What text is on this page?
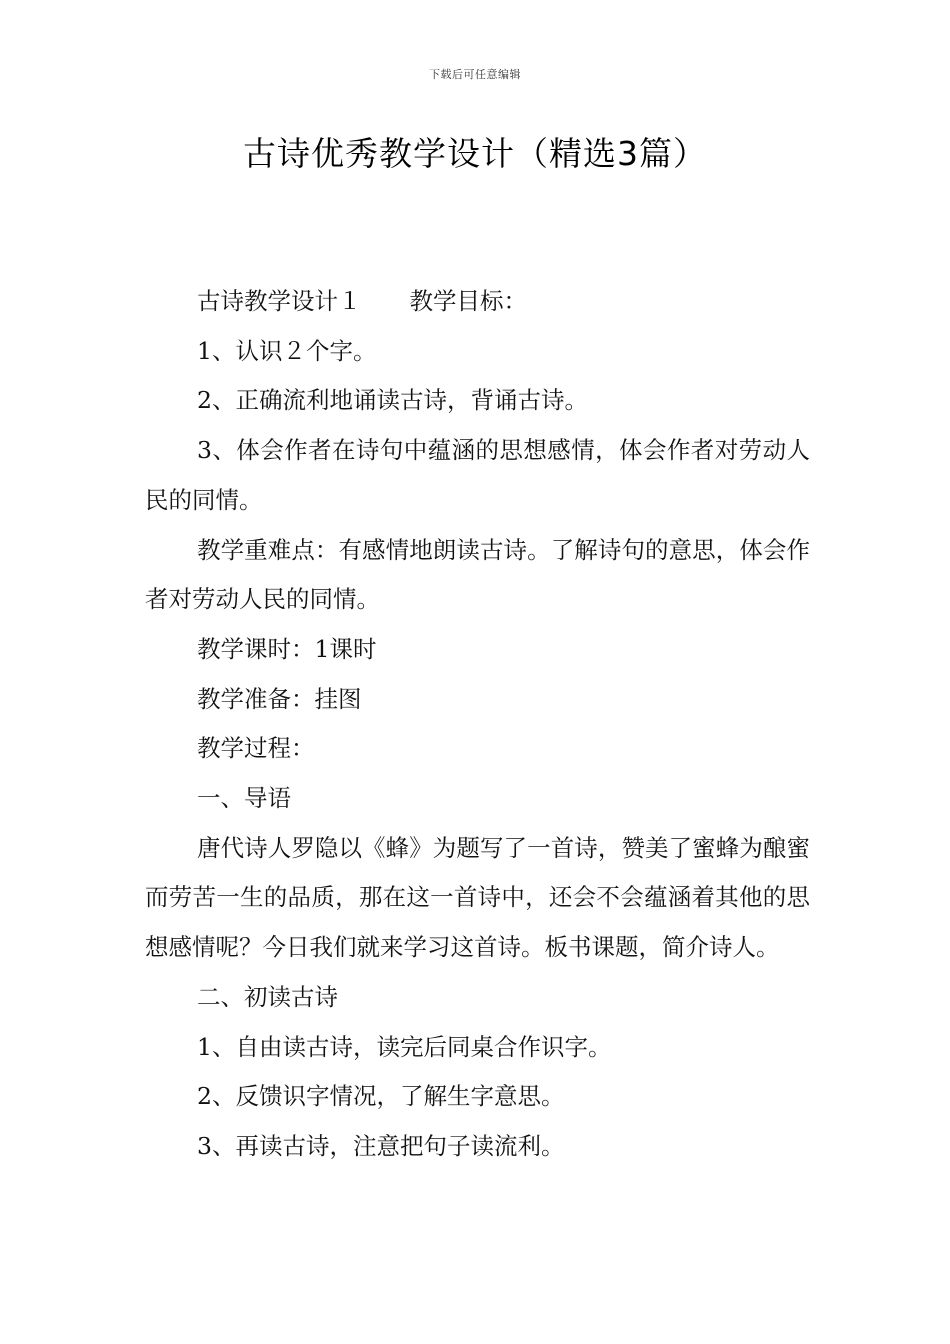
下载后可任意编辑
古诗优秀教学设计（精选3篇）

古诗教学设计１ 教学目标：

1、认识２个字。

2、正确流利地诵读古诗，背诵古诗。

3、体会作者在诗句中蕴涵的思想感情，体会作者对劳动人民的同情。

教学重难点：有感情地朗读古诗。了解诗句的意思，体会作者对劳动人民的同情。

教学课时：1课时

教学准备：挂图

教学过程：

一、导语

唐代诗人罗隐以《蜂》为题写了一首诗，赞美了蜜蜂为酿蜜而劳苦一生的品质，那在这一首诗中，还会不会蕴涵着其他的思想感情呢？今日我们就来学习这首诗。板书课题，简介诗人。

二、初读古诗

1、自由读古诗，读完后同桌合作识字。

2、反馈识字情况，了解生字意思。

3、再读古诗，注意把句子读流利。
